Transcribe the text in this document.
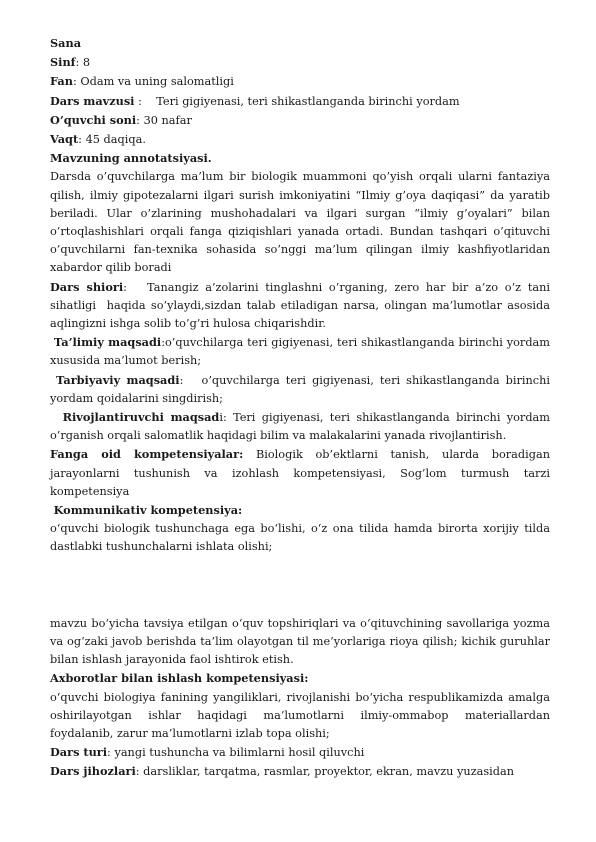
Sana
Sinf: 8
Fan: Odam va uning salomatligi
Dars mavzusi :    Teri gigiyenasi, teri shikastlanganda birinchi yordam
O’quvchi soni: 30 nafar
Vaqt: 45 daqiqa.
Mavzuning annotatsiyasi.
Darsda o’quvchilarga ma’lum bir biologik muammoni qo’yish orqali ularni fantaziya qilish, ilmiy gipotezalarni ilgari surish imkoniyatini “Ilmiy g’oya daqiqasi” da yaratib beriladi. Ular o’zlarining mushohadalari va ilgari surgan “ilmiy g’oyalari” bilan o’rtoqlashishlari orqali fanga qiziqishlari yanada ortadi. Bundan tashqari o’qituvchi o’quvchilarni fan-texnika sohasida so’nggi ma’lum qilingan ilmiy kashfiyotlaridan xabardor qilib boradi
Dars shiori:   Tanangiz a’zolarini tinglashni o’rganing, zero har bir a’zo o’z tani sihatligi  haqida so’ylaydi,sizdan talab etiladigan narsa, olingan ma’lumotlar asosida aqlingizni ishga solib to’g’ri hulosa chiqarishdir.
Ta’limiy maqsadi:o’quvchilarga teri gigiyenasi, teri shikastlanganda birinchi yordam xususida ma’lumot berish;
Tarbiyaviy maqsadi:   o’quvchilarga teri gigiyenasi, teri shikastlanganda birinchi yordam qoidalarini singdirish;
Rivojlantiruvchi maqsadi: Teri gigiyenasi, teri shikastlanganda birinchi yordam o’rganish orqali salomatlik haqidagi bilim va malakalarini yanada rivojlantirish.
Fanga oid kompetensiyalar: Biologik ob’ektlarni tanish, ularda boradigan jarayonlarni tushunish va izohlash kompetensiyasi, Sog’lom turmush tarzi kompetensiya
Kommunikativ kompetensiya:
o‘quvchi biologik tushunchaga ega bo‘lishi, o‘z ona tilida hamda birorta xorijiy tilda dastlabki tushunchalarni ishlata olishi;
mavzu bo‘yicha tavsiya etilgan o‘quv topshiriqlari va o‘qituvchining savollariga yozma va og‘zaki javob berishda ta’lim olayotgan til me’yorlariga rioya qilish; kichik guruhlar bilan ishlash jarayonida faol ishtirok etish.
Axborotlar bilan ishlash kompetensiyasi:
o‘quvchi biologiya fanining yangiliklari, rivojlanishi bo‘yicha respublikamizda amalga oshirilayotgan ishlar haqidagi ma’lumotlarni ilmiy-ommabop materiallardan foydalanib, zarur ma’lumotlarni izlab topa olishi;
Dars turi: yangi tushuncha va bilimlarni hosil qiluvchi
Dars jihozlari: darsliklar, tarqatma, rasmlar, proyektor, ekran, mavzu yuzasidan
